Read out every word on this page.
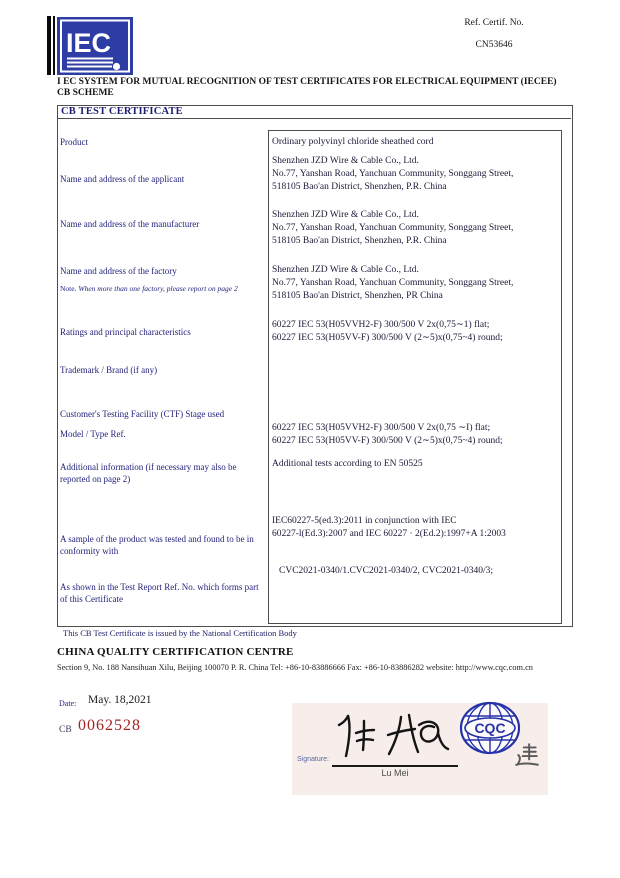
IEC
Ref. Certif. No.
CN53646
I EC SYSTEM FOR MUTUAL RECOGNITION OF TEST CERTIFICATES FOR ELECTRICAL EQUIPMENT (IECEE) CB SCHEME
CB TEST CERTIFICATE
Product
Name and address of the applicant
Name and address of the manufacturer
Name and address of the factory
Note. When more than one factory, please report on page 2
Ratings and principal characteristics
Trademark / Brand (if any)
Customer's Testing Facility (CTF) Stage used
Model / Type Ref.
Additional information (if necessary may also be reported on page 2)
A sample of the product was tested and found to be in conformity with
As shown in the Test Report Ref. No. which forms part of this Certificate
Ordinary polyvinyl chloride sheathed cord
Shenzhen JZD Wire & Cable Co., Ltd.
No.77, Yanshan Road, Yanchuan Community, Songgang Street,
518105 Bao'an District, Shenzhen, P.R. China
Shenzhen JZD Wire & Cable Co., Ltd.
No.77, Yanshan Road, Yanchuan Community, Songgang Street,
518105 Bao'an District, Shenzhen, P.R. China
Shenzhen JZD Wire & Cable Co., Ltd.
No.77, Yanshan Road, Yanchuan Community, Songgang Street,
518105 Bao'an District, Shenzhen, PR China
60227 IEC 53(H05VVH2-F) 300/500 V 2x(0,75∼1) flat;
60227 IEC 53(H05VV-F) 300/500 V (2∼5)x(0,75~4) round;
60227 IEC 53(H05VVH2-F) 300/500 V 2x(0,75 ∼I) flat;
60227 IEC 53(H05VV-F) 300/500 V (2∼5)x(0,75~4) round;
Additional tests according to EN 50525
IEC60227-5(ed.3):2011 in conjunction with IEC
60227-l(Ed.3):2007 and IEC 60227 · 2(Ed.2):1997+A 1:2003
CVC2021-0340/1.CVC2021-0340/2, CVC2021-0340/3;
This CB Test Certificate is issued by the National Certification Body
CHINA QUALITY CERTIFICATION CENTRE
Section 9, No. 188 Nansihuan Xilu, Beijing 100070 P. R. China Tel: +86-10-83886666 Fax: +86-10-83886282 website: http://www.cqc.com.cn
Date: May. 18,2021
CB 0062528
Signature:
Lu Mei
CQC
